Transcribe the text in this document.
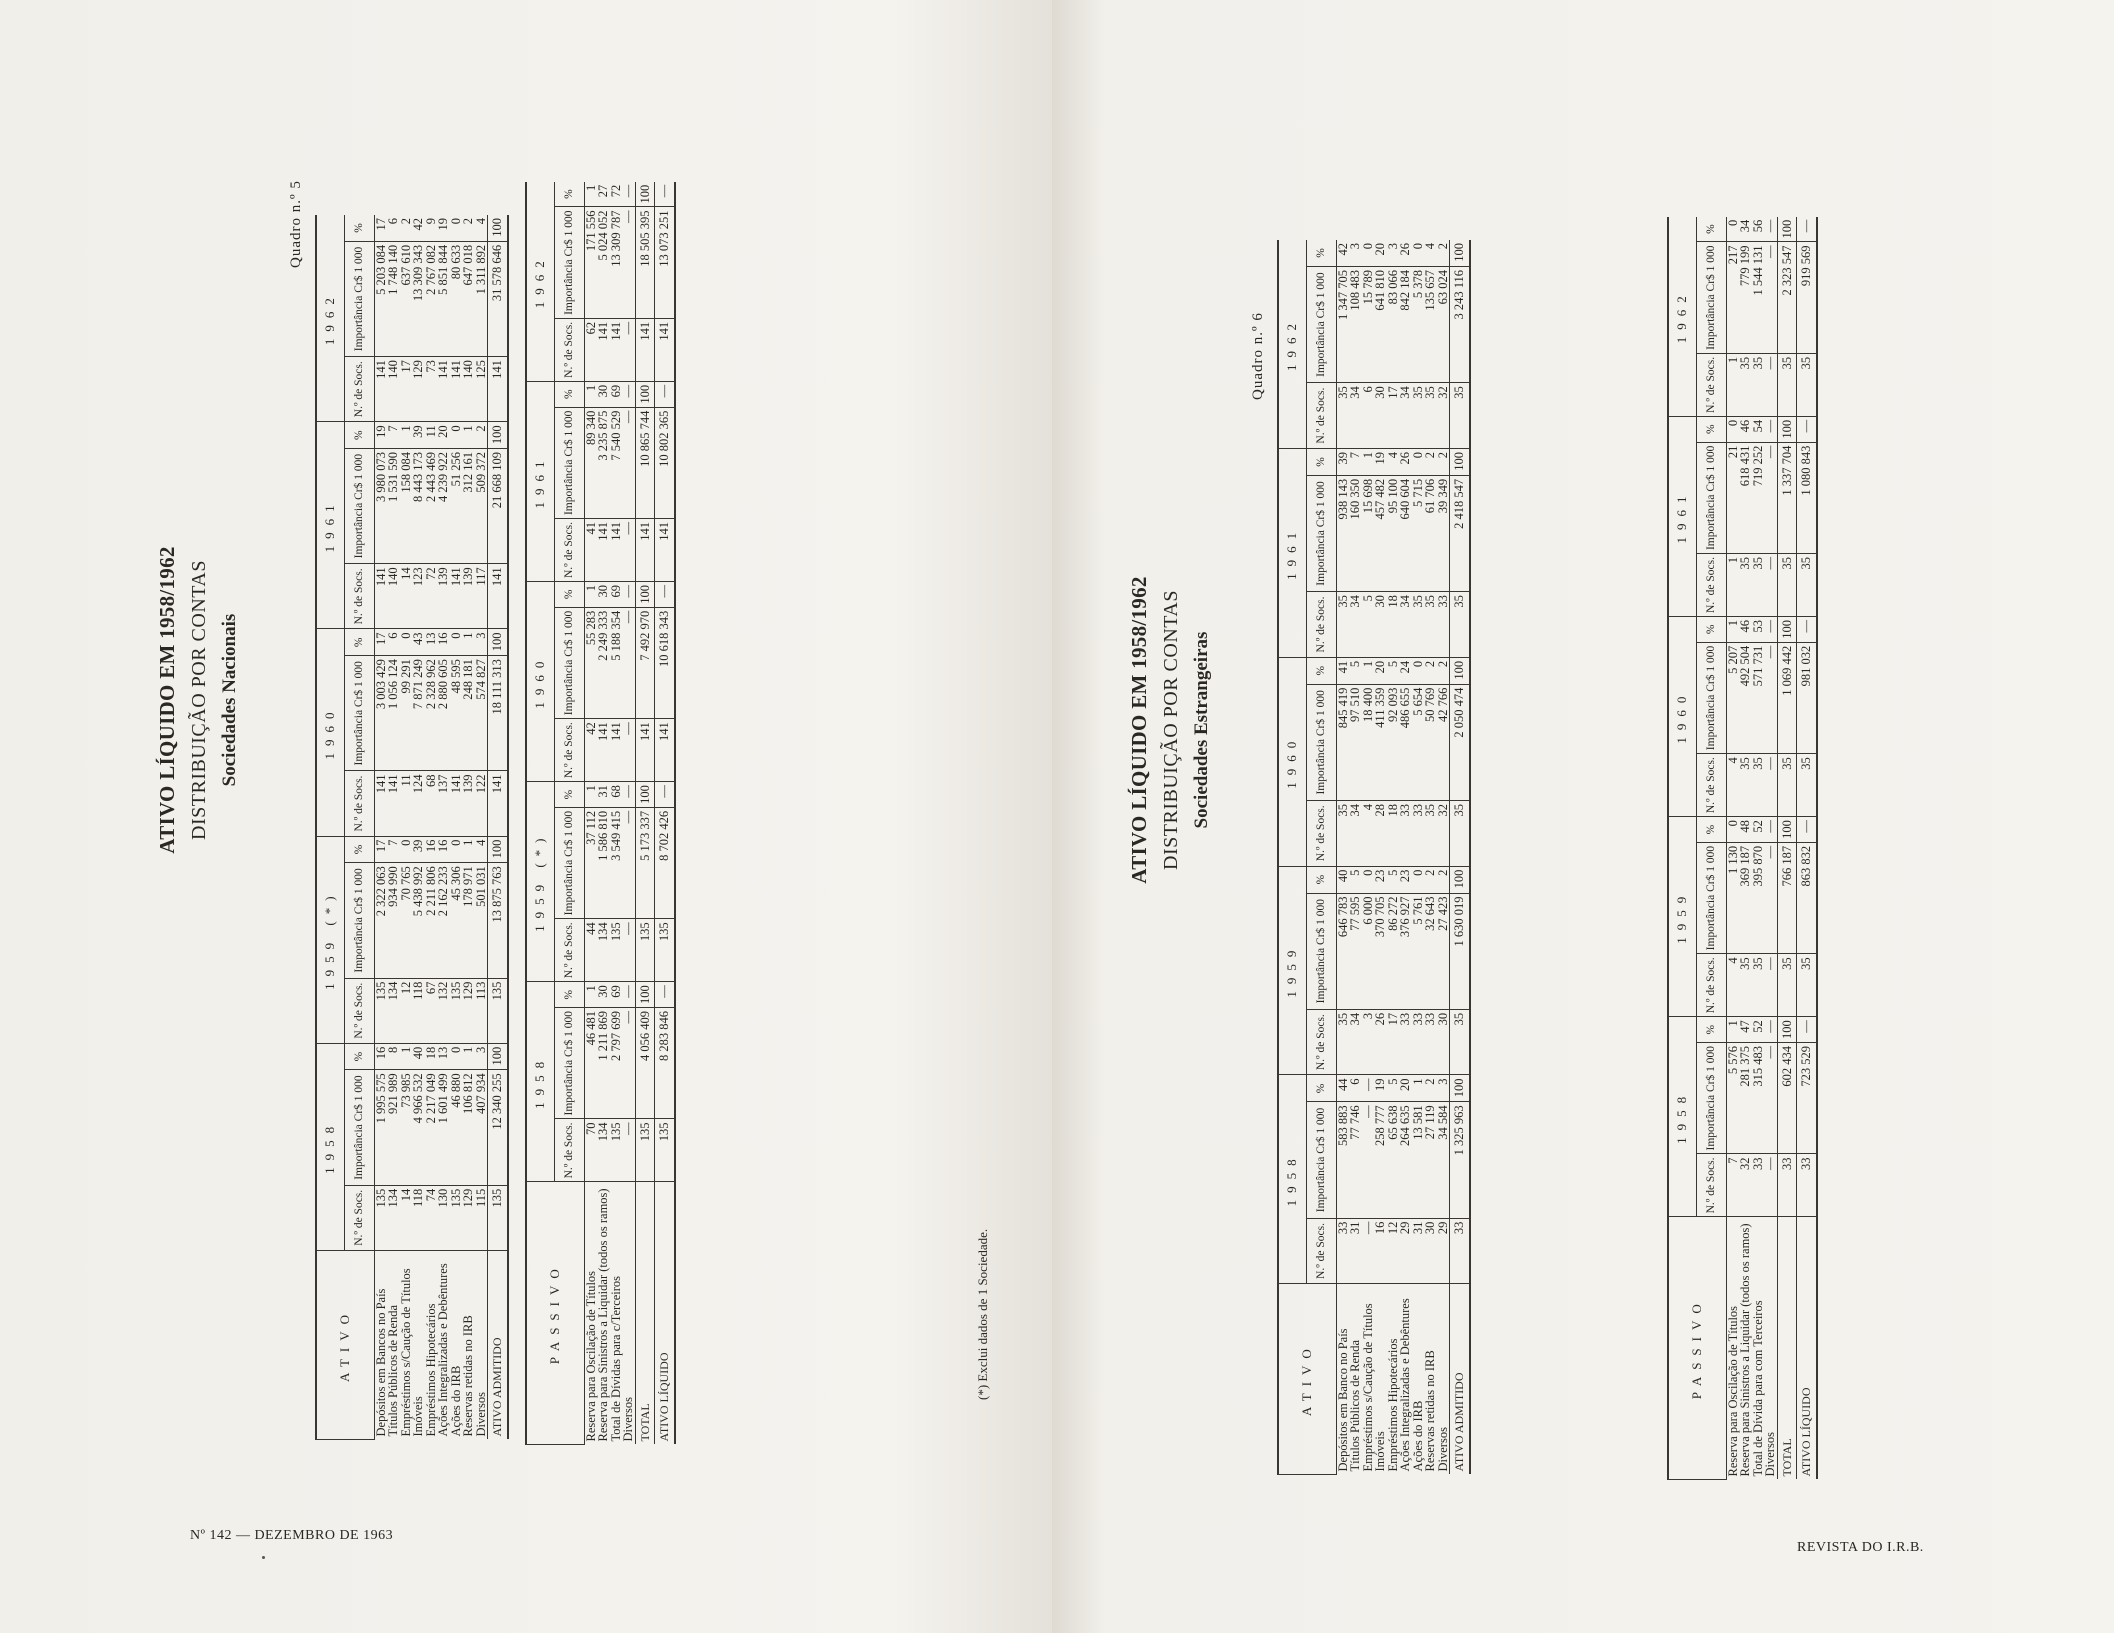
ATIVO LÍQUIDO EM 1958/1962 DISTRIBUIÇÃO POR CONTAS Sociedades Nacionais
Quadro n.º 5
ATIVO	1958			1959 (*)			1960			1961			1962		
	N.º de Socs.	Importância Cr$ 1 000	%	N.º de Socs.	Importância Cr$ 1 000	%	N.º de Socs.	Importância Cr$ 1 000	%	N.º de Socs.	Importância Cr$ 1 000	%	N.º de Socs.	Importância Cr$ 1 000	%
Depósitos em Bancos no País	135	1 995 575	16	135	2 322 063	17	141	3 003 429	17	141	3 980 073	19	141	5 203 084	17
Títulos Públicos de Renda	134	921 989	8	134	934 990	7	141	1 056 124	6	140	1 531 590	7	140	1 748 140	6
Empréstimos s/Caução de Títulos	14	73 985	1	12	70 765	0	11	99 291	0	14	158 084	1	17	637 610	2
Imóveis	118	4 966 532	40	118	5 438 992	39	124	7 871 249	43	123	8 443 173	39	129	13 309 343	42
Empréstimos Hipotecários	74	2 217 049	18	67	2 211 806	16	68	2 328 962	13	72	2 443 469	11	73	2 767 082	9
Ações Integralizadas e Debêntures	130	1 601 499	13	132	2 162 233	16	137	2 880 605	16	139	4 239 922	20	141	5 851 844	19
Ações do IRB	135	46 880	0	135	45 306	0	141	48 595	0	141	51 256	0	141	80 633	0
Reservas retidas no IRB	129	106 812	1	129	178 971	1	139	248 181	1	139	312 161	1	140	647 018	2
Diversos	115	407 934	3	113	501 031	4	122	574 827	3	117	509 372	2	125	1 311 892	4
ATIVO ADMITIDO	135	12 340 255	100	135	13 875 763	100	141	18 111 313	100	141	21 668 109	100	141	31 578 646	100
PASSIVO	1958			1959 (*)			1960			1961			1962		
	N.º de Socs.	Importância Cr$ 1 000	%	N.º de Socs.	Importância Cr$ 1 000	%	N.º de Socs.	Importância Cr$ 1 000	%	N.º de Socs.	Importância Cr$ 1 000	%	N.º de Socs.	Importância Cr$ 1 000	%
Reserva para Oscilação de Títulos	70	46 481	1	44	37 112	1	42	55 283	1	41	89 340	1	62	171 556	1
Reserva para Sinistros a Liquidar (todos os ramos)	134	1 211 869	30	134	1 586 810	31	141	2 249 333	30	141	3 235 875	30	141	5 024 052	27
Total de Dívidas para c/Terceiros	135	2 797 699	69	135	3 549 415	68	141	5 188 354	69	141	7 540 529	69	141	13 309 787	72
Diversos	—	—	—	—	—	—	—	—	—	—	—	—	—	—	—
TOTAL	135	4 056 409	100	135	5 173 337	100	141	7 492 970	100	141	10 865 744	100	141	18 505 395	100
ATIVO LÍQUIDO	135	8 283 846	—	135	8 702 426	—	141	10 618 343	—	141	10 802 365	—	141	13 073 251	—
(*) Exclui dados de 1 Sociedade.
Nº 142 — DEZEMBRO DE 1963
ATIVO LÍQUIDO EM 1958/1962 DISTRIBUIÇÃO POR CONTAS Sociedades Estrangeiras
Quadro n.º 6
ATIVO	1958			1959			1960			1961			1962		
	N.º de Socs.	Importância Cr$ 1 000	%	N.º de Socs.	Importância Cr$ 1 000	%	N.º de Socs.	Importância Cr$ 1 000	%	N.º de Socs.	Importância Cr$ 1 000	%	N.º de Socs.	Importância Cr$ 1 000	%
Depósitos em Banco no País	33	583 883	44	35	646 783	40	35	845 419	41	35	938 143	39	35	1 347 705	42
Títulos Públicos de Renda	31	77 746	6	34	77 595	5	34	97 510	5	34	160 350	7	34	108 483	3
Empréstimos s/Caução de Títulos	—	—	—	3	6 000	0	4	18 400	1	5	15 698	1	6	15 789	0
Imóveis	16	258 777	19	26	370 705	23	28	411 359	20	30	457 482	19	30	641 810	20
Empréstimos Hipotecários	12	65 638	5	17	86 272	5	18	92 093	5	18	95 100	4	17	83 066	3
Ações Integralizadas e Debêntures	29	264 635	20	33	376 927	23	33	486 655	24	34	640 604	26	34	842 184	26
Ações do IRB	31	13 581	1	33	5 761	0	33	5 654	0	35	5 715	0	35	5 378	0
Reservas retidas no IRB	30	27 119	2	33	32 643	2	35	50 769	2	35	61 706	2	35	135 657	4
Diversos	29	34 584	3	30	27 423	2	32	42 766	2	33	39 349	2	32	63 024	2
ATIVO ADMITIDO	33	1 325 963	100	35	1 630 019	100	35	2 050 474	100	35	2 418 547	100	35	3 243 116	100
PASSIVO	1958			1959			1960			1961			1962		
	N.º de Socs.	Importância Cr$ 1 000	%	N.º de Socs.	Importância Cr$ 1 000	%	N.º de Socs.	Importância Cr$ 1 000	%	N.º de Socs.	Importância Cr$ 1 000	%	N.º de Socs.	Importância Cr$ 1 000	%
Reserva para Oscilação de Títulos	7	5 576	1	4	1 130	0	4	5 207	1	1	21	0	1	217	0
Reserva para Sinistros a Liquidar (todos os ramos)	32	281 375	47	35	369 187	48	35	492 504	46	35	618 431	46	35	779 199	34
Total de Dívida para com Terceiros	33	315 483	52	35	395 870	52	35	571 731	53	35	719 252	54	35	1 544 131	56
Diversos	—	—	—	—	—	—	—	—	—	—	—	—	—	—	—
TOTAL	33	602 434	100	35	766 187	100	35	1 069 442	100	35	1 337 704	100	35	2 323 547	100
ATIVO LÍQUIDO	33	723 529	—	35	863 832	—	35	981 032	—	35	1 080 843	—	35	919 569	—
REVISTA DO I.R.B.
